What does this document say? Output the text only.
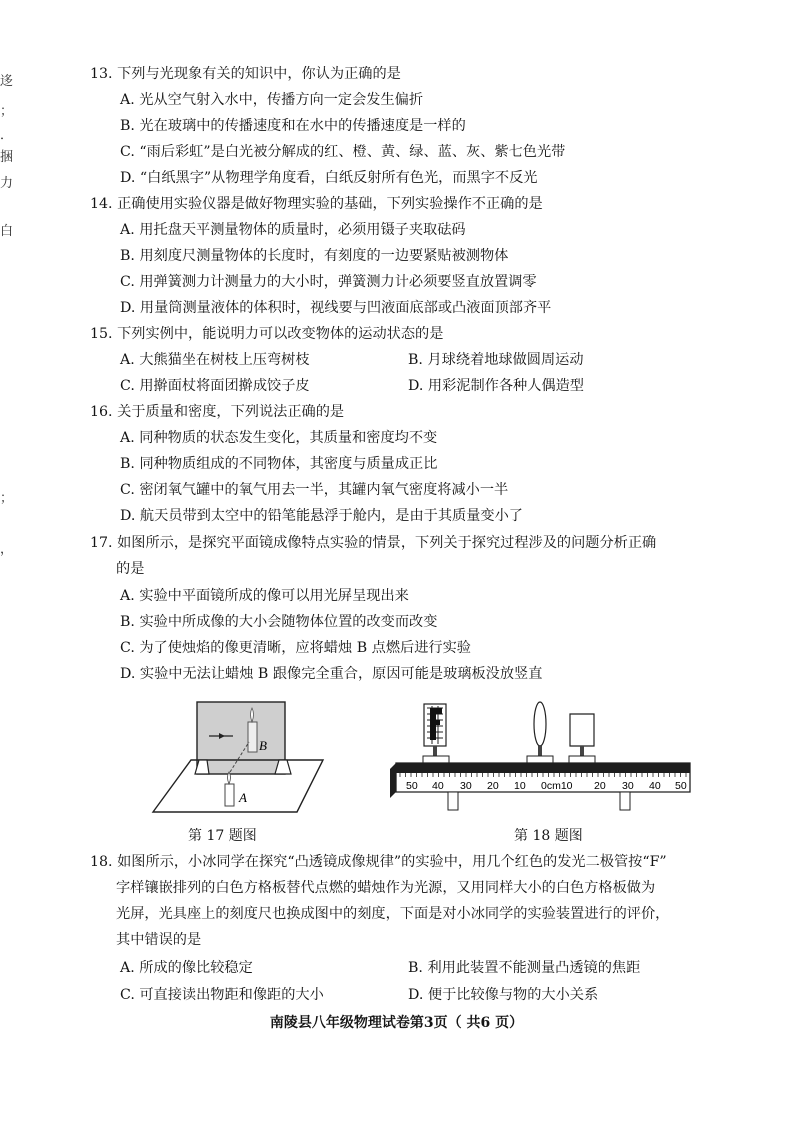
迻
；
．
捆
力
白
；
，
13. 下列与光现象有关的知识中，你认为正确的是
A. 光从空气射入水中，传播方向一定会发生偏折
B. 光在玻璃中的传播速度和在水中的传播速度是一样的
C. “雨后彩虹”是白光被分解成的红、橙、黄、绿、蓝、灰、紫七色光带
D. “白纸黑字”从物理学角度看，白纸反射所有色光，而黑字不反光
14. 正确使用实验仪器是做好物理实验的基础，下列实验操作不正确的是
A. 用托盘天平测量物体的质量时，必须用镊子夹取砝码
B. 用刻度尺测量物体的长度时，有刻度的一边要紧贴被测物体
C. 用弹簧测力计测量力的大小时，弹簧测力计必须要竖直放置调零
D. 用量筒测量液体的体积时，视线要与凹液面底部或凸液面顶部齐平
15. 下列实例中，能说明力可以改变物体的运动状态的是
A. 大熊猫坐在树枝上压弯树枝	B. 月球绕着地球做圆周运动
C. 用擀面杖将面团擀成饺子皮	D. 用彩泥制作各种人偶造型
16. 关于质量和密度，下列说法正确的是
A. 同种物质的状态发生变化，其质量和密度均不变
B. 同种物质组成的不同物体，其密度与质量成正比
C. 密闭氧气罐中的氧气用去一半，其罐内氧气密度将减小一半
D. 航天员带到太空中的铅笔能悬浮于舱内，是由于其质量变小了
17. 如图所示，是探究平面镜成像特点实验的情景，下列关于探究过程涉及的问题分析正确
的是
A. 实验中平面镜所成的像可以用光屏呈现出来
B. 实验中所成像的大小会随物体位置的改变而改变
C. 为了使烛焰的像更清晰，应将蜡烛 B 点燃后进行实验
D. 实验中无法让蜡烛 B 跟像完全重合，原因可能是玻璃板没放竖直
B
A
第 17 题图
50 40 30 20 10 0cm10 20 30 40 50
第 18 题图
18. 如图所示，小冰同学在探究“凸透镜成像规律”的实验中，用几个红色的发光二极管按“F”
字样镶嵌排列的白色方格板替代点燃的蜡烛作为光源，又用同样大小的白色方格板做为
光屏，光具座上的刻度尺也换成图中的刻度，下面是对小冰同学的实验装置进行的评价，
其中错误的是
A. 所成的像比较稳定	B. 利用此装置不能测量凸透镜的焦距
C. 可直接读出物距和像距的大小	D. 便于比较像与物的大小关系
南陵县八年级物理试卷第3页（ 共6 页）
